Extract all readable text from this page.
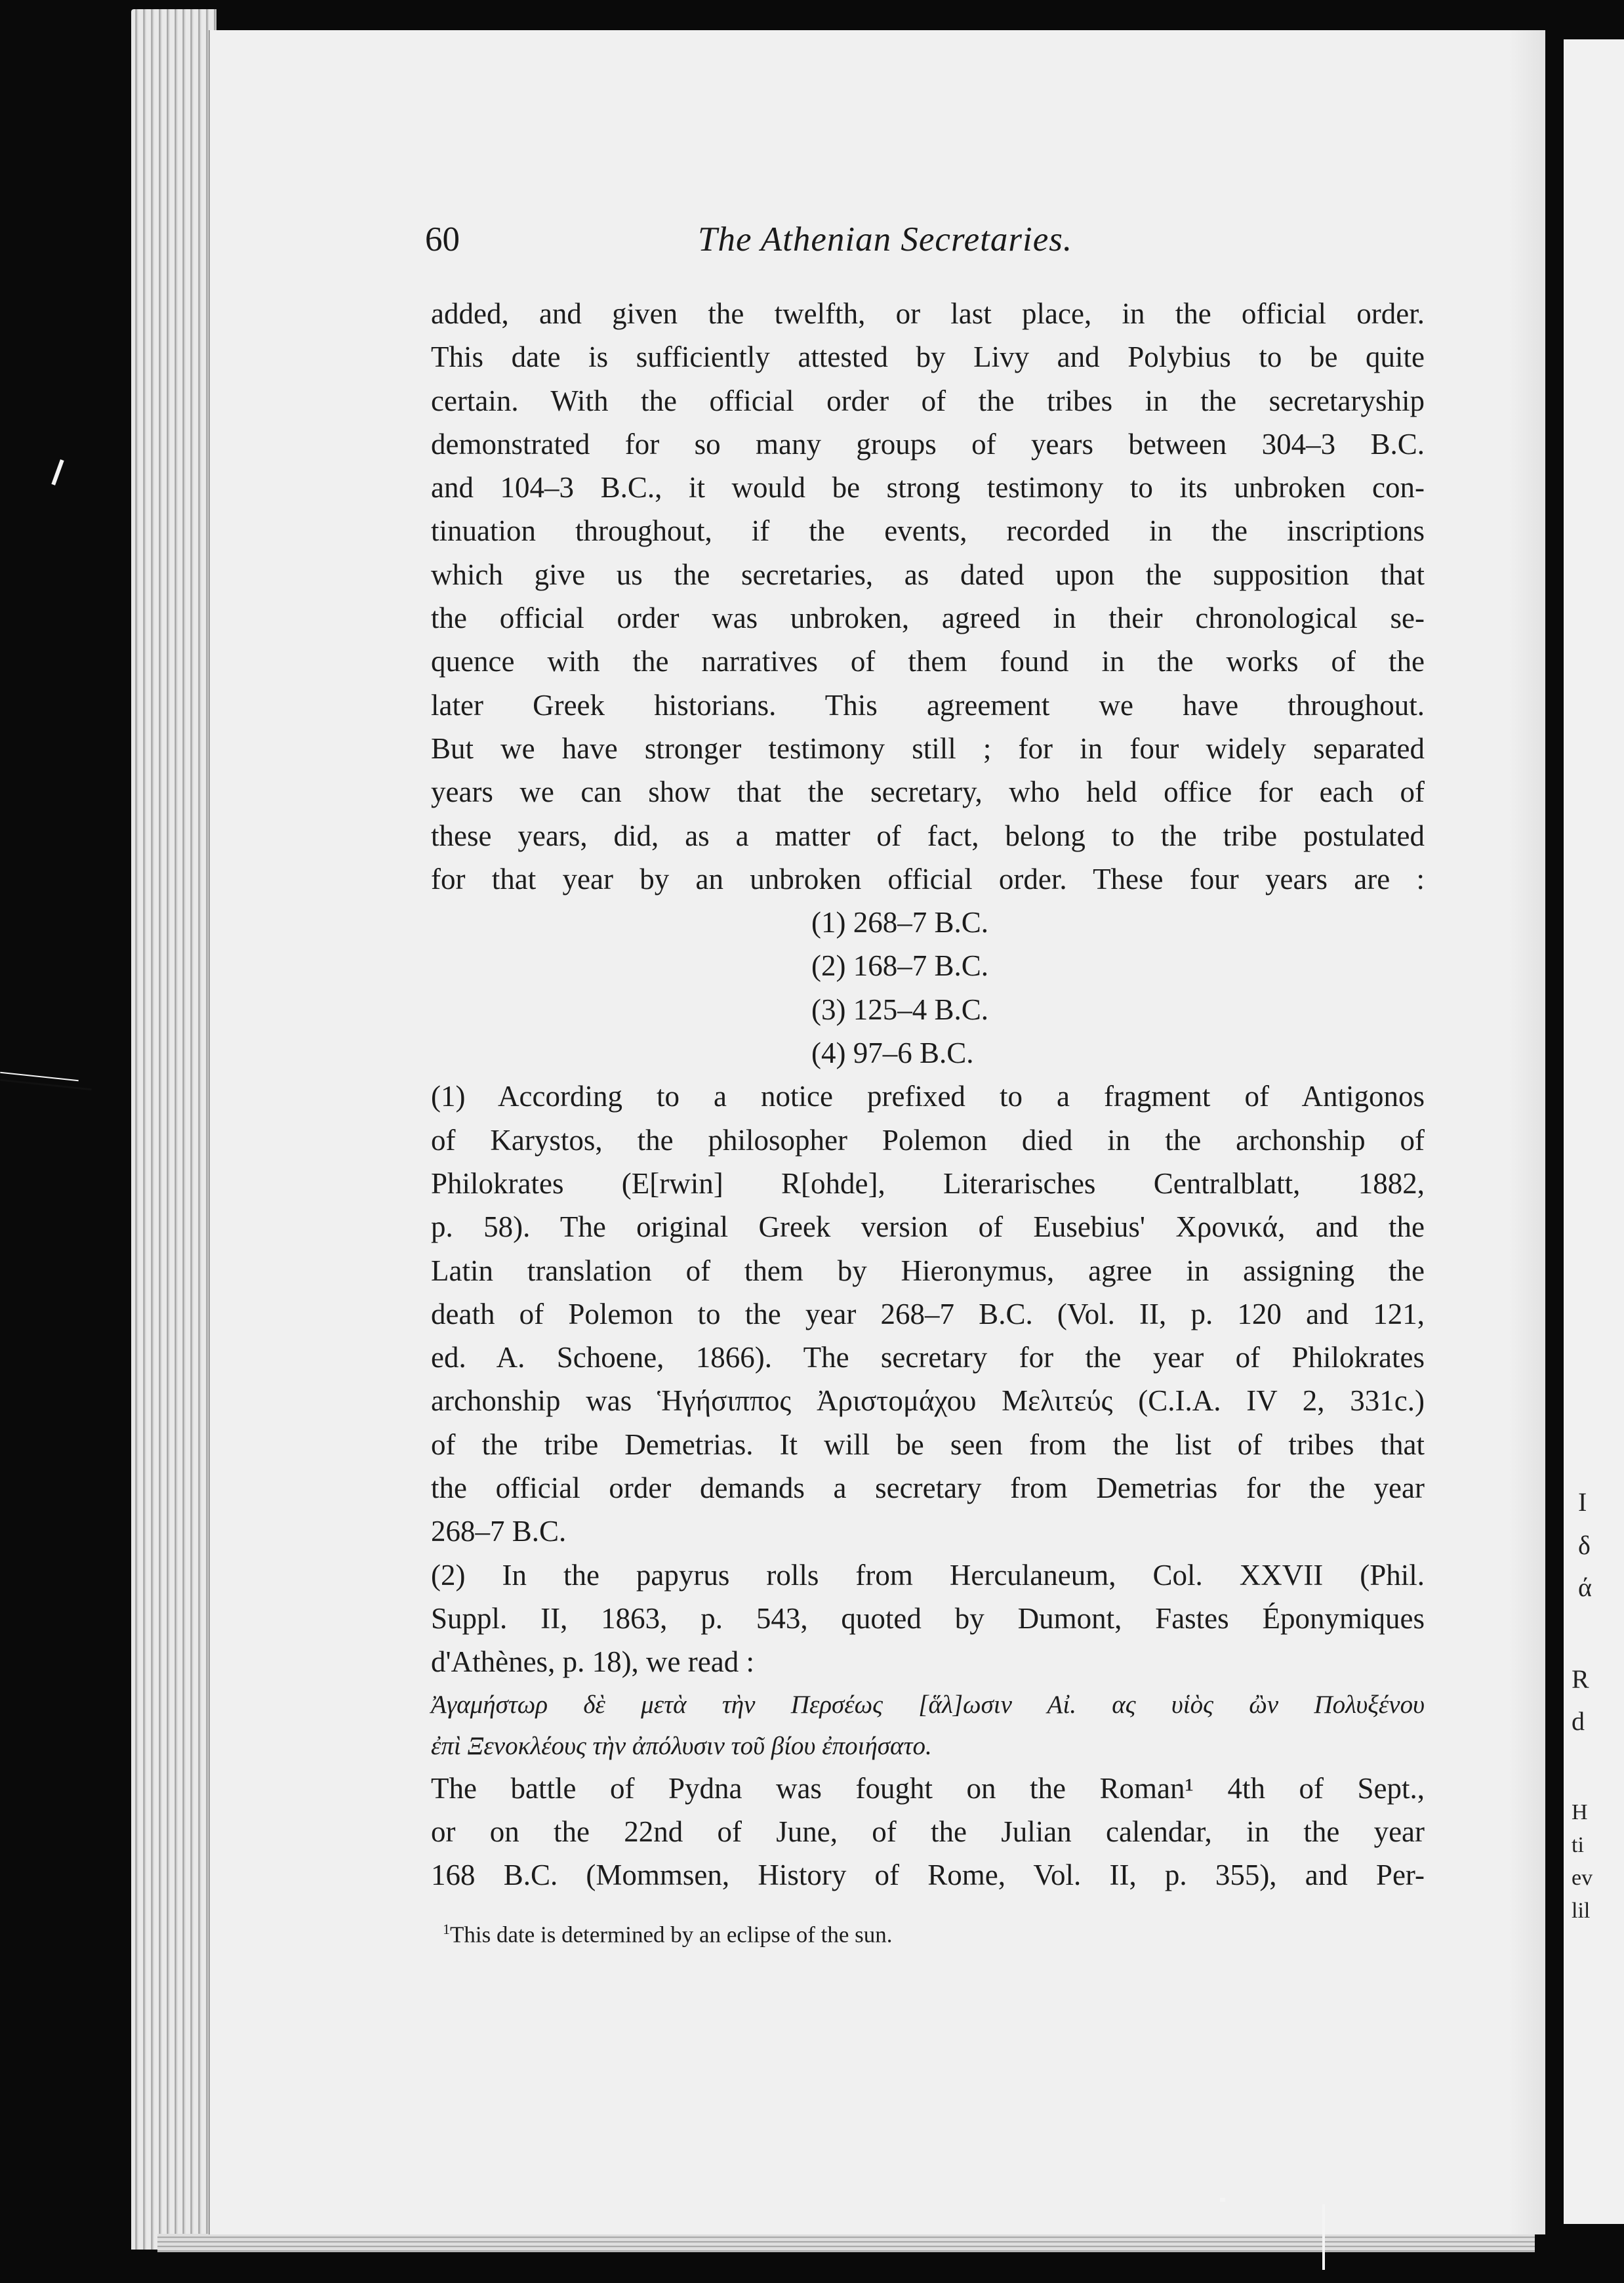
I
δ
ά
R
d
H
ti
ev
lil
60	The Athenian Secretaries.
added, and given the twelfth, or last place, in the official order.
This date is sufficiently attested by Livy and Polybius to be quite
certain. With the official order of the tribes in the secretaryship
demonstrated for so many groups of years between 304–3 B.C.
and 104–3 B.C., it would be strong testimony to its unbroken con-
tinuation throughout, if the events, recorded in the inscriptions
which give us the secretaries, as dated upon the supposition that
the official order was unbroken, agreed in their chronological se-
quence with the narratives of them found in the works of the
later Greek historians. This agreement we have throughout.
But we have stronger testimony still ; for in four widely separated
years we can show that the secretary, who held office for each of
these years, did, as a matter of fact, belong to the tribe postulated
for that year by an unbroken official order. These four years are :
(1) 268–7 B.C.
(2) 168–7 B.C.
(3) 125–4 B.C.
(4) 97–6 B.C.
(1) According to a notice prefixed to a fragment of Antigonos
of Karystos, the philosopher Polemon died in the archonship of
Philokrates (E[rwin] R[ohde], Literarisches Centralblatt, 1882,
p. 58). The original Greek version of Eusebius' Χρονικά, and the
Latin translation of them by Hieronymus, agree in assigning the
death of Polemon to the year 268–7 B.C. (Vol. II, p. 120 and 121,
ed. A. Schoene, 1866). The secretary for the year of Philokrates
archonship was Ἡγήσιππος Ἀριστομάχου Μελιτεύς (C.I.A. IV 2, 331c.)
of the tribe Demetrias. It will be seen from the list of tribes that
the official order demands a secretary from Demetrias for the year
268–7 B.C.
(2) In the papyrus rolls from Herculaneum, Col. XXVII (Phil.
Suppl. II, 1863, p. 543, quoted by Dumont, Fastes Éponymiques
d'Athènes, p. 18), we read :
Ἀγαμήστωρ δὲ μετὰ τὴν Περσέως [ἅλ]ωσιν Αἰ. ας υἱὸς ὢν Πολυξένου
ἐπὶ Ξενοκλέους τὴν ἀπόλυσιν τοῦ βίου ἐποιήσατο.
The battle of Pydna was fought on the Roman¹ 4th of Sept.,
or on the 22nd of June, of the Julian calendar, in the year
168 B.C. (Mommsen, History of Rome, Vol. II, p. 355), and Per-
$^1$This date is determined by an eclipse of the sun.
